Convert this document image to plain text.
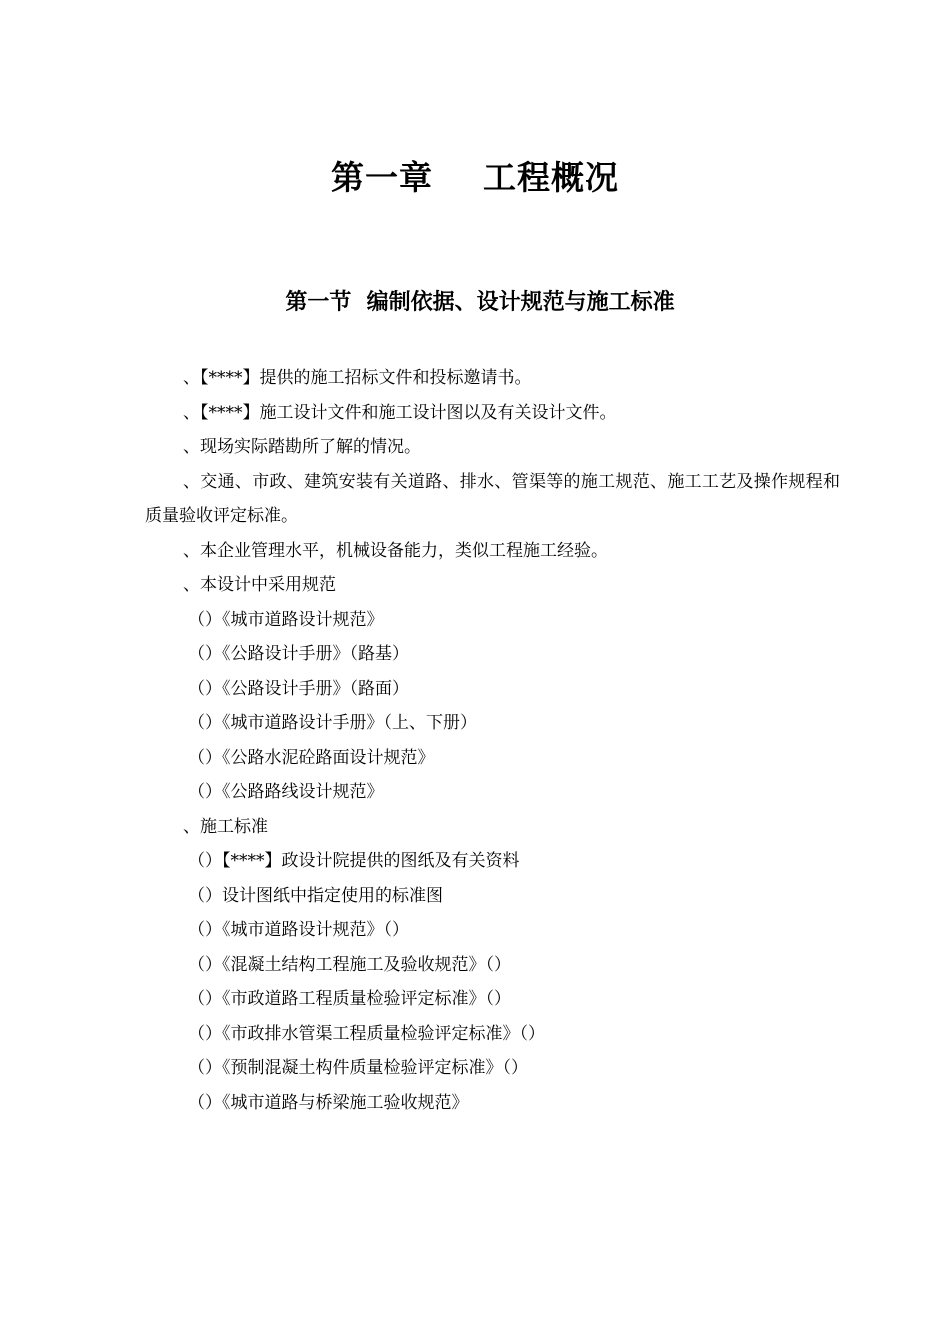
第一章    工程概况
第一节  编制依据、设计规范与施工标准
、【****】提供的施工招标文件和投标邀请书。
、【****】施工设计文件和施工设计图以及有关设计文件。
、现场实际踏勘所了解的情况。
、交通、市政、建筑安装有关道路、排水、管渠等的施工规范、施工工艺及操作规程和质量验收评定标准。
、本企业管理水平，机械设备能力，类似工程施工经验。
、本设计中采用规范
（）《城市道路设计规范》
（）《公路设计手册》（路基）
（）《公路设计手册》（路面）
（）《城市道路设计手册》（上、下册）
（）《公路水泥砼路面设计规范》
（）《公路路线设计规范》
、施工标准
（）【****】政设计院提供的图纸及有关资料
（）设计图纸中指定使用的标准图
（）《城市道路设计规范》（）
（）《混凝土结构工程施工及验收规范》（）
（）《市政道路工程质量检验评定标准》（）
（）《市政排水管渠工程质量检验评定标准》（）
（）《预制混凝土构件质量检验评定标准》（）
（）《城市道路与桥梁施工验收规范》
